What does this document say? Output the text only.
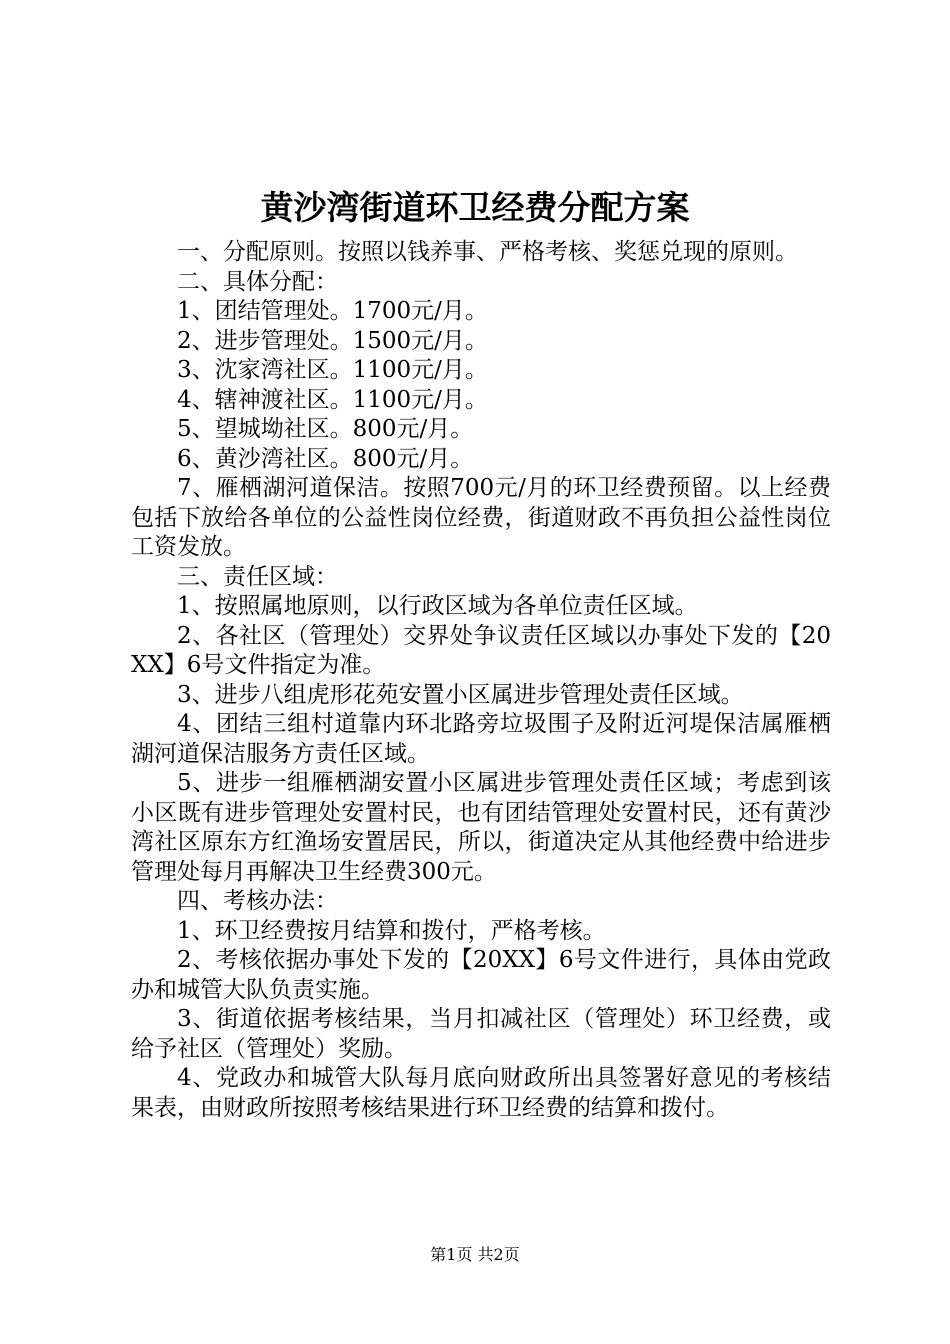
黄沙湾街道环卫经费分配方案

一、分配原则。按照以钱养事、严格考核、奖惩兑现的原则。

二、具体分配：

1、团结管理处。1700元/月。

2、进步管理处。1500元/月。

3、沈家湾社区。1100元/月。

4、辖神渡社区。1100元/月。

5、望城坳社区。800元/月。

6、黄沙湾社区。800元/月。

7、雁栖湖河道保洁。按照700元/月的环卫经费预留。以上经费包括下放给各单位的公益性岗位经费，街道财政不再负担公益性岗位工资发放。

三、责任区域：

1、按照属地原则，以行政区域为各单位责任区域。

2、各社区（管理处）交界处争议责任区域以办事处下发的【20XX】6号文件指定为准。

3、进步八组虎形花苑安置小区属进步管理处责任区域。

4、团结三组村道靠内环北路旁垃圾围子及附近河堤保洁属雁栖湖河道保洁服务方责任区域。

5、进步一组雁栖湖安置小区属进步管理处责任区域；考虑到该小区既有进步管理处安置村民，也有团结管理处安置村民，还有黄沙湾社区原东方红渔场安置居民，所以，街道决定从其他经费中给进步管理处每月再解决卫生经费300元。

四、考核办法：

1、环卫经费按月结算和拨付，严格考核。

2、考核依据办事处下发的【20XX】6号文件进行，具体由党政办和城管大队负责实施。

3、街道依据考核结果，当月扣减社区（管理处）环卫经费，或给予社区（管理处）奖励。

4、党政办和城管大队每月底向财政所出具签署好意见的考核结果表，由财政所按照考核结果进行环卫经费的结算和拨付。

第1页 共2页
